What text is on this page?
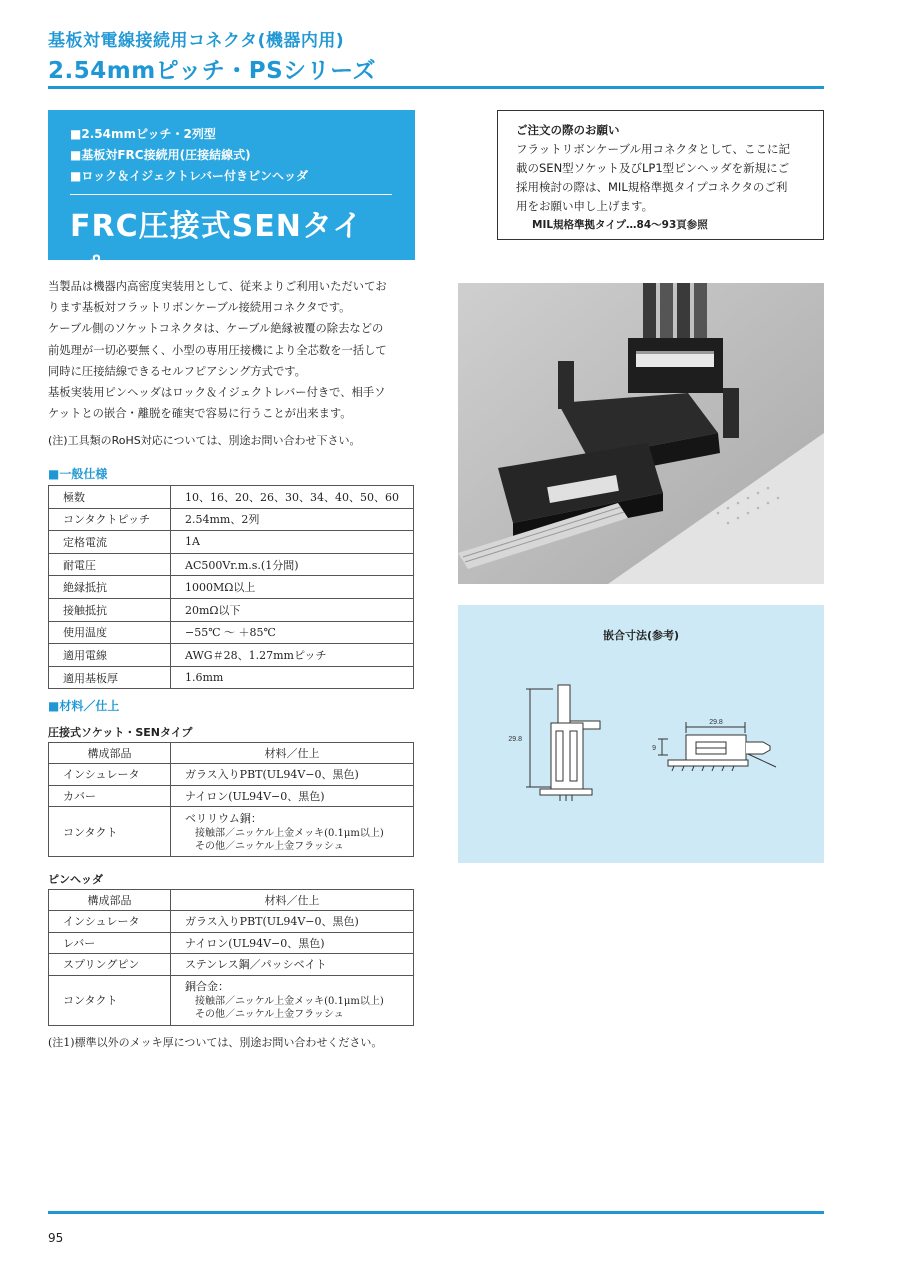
基板対電線接続用コネクタ(機器内用)
2.54mmピッチ・PSシリーズ
■2.54mmピッチ・2列型
■基板対FRC接続用(圧接結線式)
■ロック＆イジェクトレバー付きピンヘッダ
FRC圧接式SENタイプ
ご注文の際のお願い
フラットリボンケーブル用コネクタとして、ここに記
載のSEN型ソケット及びLP1型ピンヘッダを新規にご
採用検討の際は、MIL規格準拠タイプコネクタのご利
用をお願い申し上げます。
MIL規格準拠タイプ…84〜93頁参照
当製品は機器内高密度実装用として、従来よりご利用いただいてお
ります基板対フラットリボンケーブル接続用コネクタです。
ケーブル側のソケットコネクタは、ケーブル絶縁被覆の除去などの
前処理が一切必要無く、小型の専用圧接機により全芯数を一括して
同時に圧接結線できるセルフピアシング方式です。
基板実装用ピンヘッダはロック＆イジェクトレバー付きで、相手ソ
ケットとの嵌合・離脱を確実で容易に行うことが出来ます。
(注)工具類のRoHS対応については、別途お問い合わせ下さい。
■一般仕様
極数	10、16、20、26、30、34、40、50、60
コンタクトピッチ	2.54mm、2列
定格電流	1A
耐電圧	AC500Vr.m.s.(1分間)
絶縁抵抗	1000MΩ以上
接触抵抗	20mΩ以下
使用温度	−55℃ 〜 ＋85℃
適用電線	AWG＃28、1.27mmピッチ
適用基板厚	1.6mm
■材料／仕上
圧接式ソケット・SENタイプ
構成部品	材料／仕上
インシュレータ	ガラス入りPBT(UL94V−0、黒色)
カバー	ナイロン(UL94V−0、黒色)
コンタクト	ベリリウム銅：
接触部／ニッケル上金メッキ(0.1μm以上)
その他／ニッケル上金フラッシュ
ピンヘッダ
構成部品	材料／仕上
インシュレータ	ガラス入りPBT(UL94V−0、黒色)
レバー	ナイロン(UL94V−0、黒色)
スプリングピン	ステンレス鋼／パッシベイト
コンタクト	銅合金：
接触部／ニッケル上金メッキ(0.1μm以上)
その他／ニッケル上金フラッシュ
(注1)標準以外のメッキ厚については、別途お問い合わせください。
嵌合寸法(参考)
29.8
29.8
9
95
